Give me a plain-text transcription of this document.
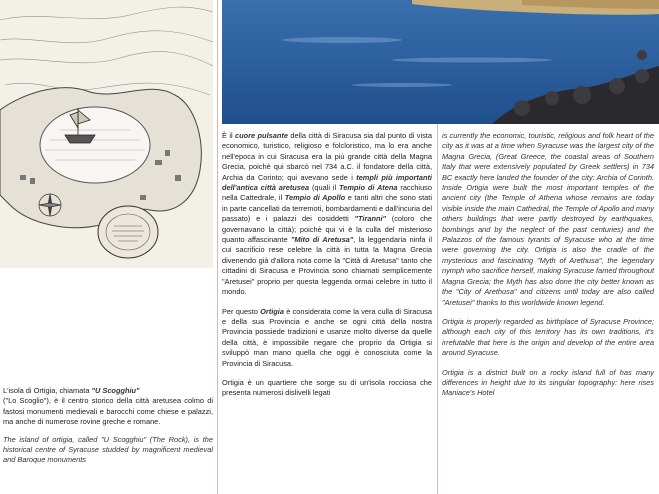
L'isola di Ortigia, chiamata "U Scogghiu"
("Lo Scoglio"), è il centro storico della città aretusea colmo di fastosi monumenti medievali e barocchi come chiese e palazzi, ma anche di numerose rovine greche e romane.

The island of ortigia, called "U Scogghiu" (The Rock), is the historical centre of Syracuse studded by magnificent medieval and Baroque monuments

È il cuore pulsante della città di Siracusa sia dal punto di vista economico, turistico, religioso e folcloristico, ma lo era anche nell'epoca in cui Siracusa era la più grande città della Magna Grecia, poichè qui sbarcò nel 734 a.C. il fondatore della città, Archia da Corinto; qui avevano sede i templi più importanti dell'antica città aretusea (quali il Tempio di Atena racchiuso nella Cattedrale, il Tempio di Apollo e tanti altri che sono stati in parte cancellati da terremoti, bombardamenti e dall'incuria del passato) e i palazzi dei cosiddetti "Tiranni" (coloro che governavano la città); poichè qui vi è la culla del misterioso quanto affascinante "Mito di Aretusa", la leggendaria ninfa il cui sacrificio rese celebre la città in tutta la Magna Grecia divenendo già d'allora nota come la "Città di Aretusa" tanto che cittadini di Siracusa e Provincia sono chiamati semplicemente "Aretusei" proprio per questa leggenda ormai celebre in tutto il mondo.

Per questo Ortigia è considerata come la vera culla di Siracusa e della sua Provincia e anche se ogni città della nostra Provincia possiede tradizioni e usanze molto diverse da quelle della città, è impossibile negare che proprio da Ortigia si sviluppò man mano quella che oggi è conosciuta come la Provincia di Siracusa.

Ortigia è un quartiere che sorge su di un'isola rocciosa che presenta numerosi dislivelli legati

is currently the economic, touristic, religious and folk heart of the city as it was at a time when Syracuse was the largest city of the Magna Grecia, (Great Greece, the coastal areas of Southern Italy that were extensively populated by Greek settlers) in 734 BC exactly here landed the founder of the city: Archia of Corinth. Inside Ortigia were built the most important temples of the ancient city (the Temple of Athena whose remains are today visible inside the main Cathedral, the Temple of Apollo and many others buildings that were partly destroyed by earthquakes, bombings and by the neglect of the past centuries) and the Palazzos of the famous tyrants of Syracuse who at the time were governing the city. Ortigia is also the cradle of the mysterious and fascinating "Myth of Arethusa", the legendary nymph who sacrifice herself, making Syracuse famed throughout Magna Grecia; the Myth has also done the city better known as the "City of Arethusa" and citizens until today are also called "Aretusei" thanks to this worldwide known legend.

Ortigia is properly regarded as birthplace of Syracuse Province; although each city of this territory has its own traditions, it's irrefutable that here is the origin and develop of the entire area around Syracuse.

Ortigia is a district built on a rocky island full of has many differences in height due to its singular topography: here rises Maniace's Hotel
